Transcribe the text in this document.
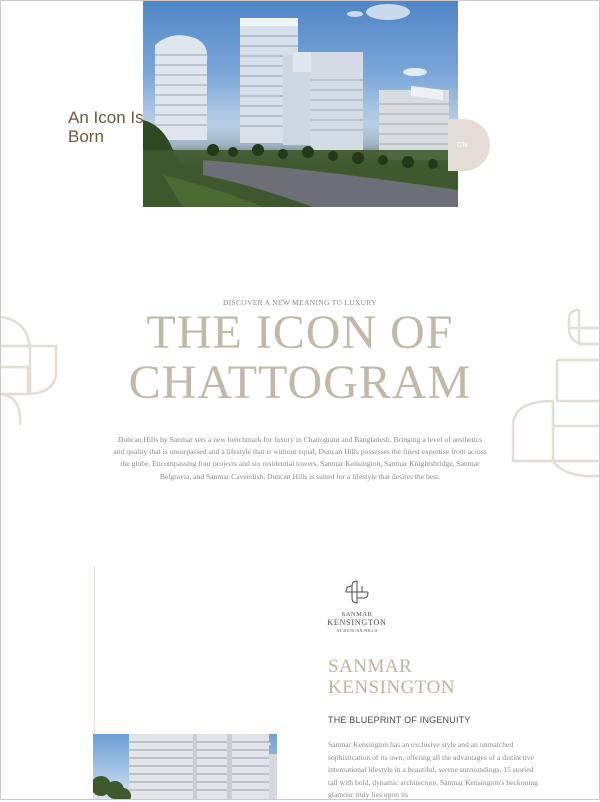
An Icon Is Born	ON
DISCOVER A NEW MEANING TO LUXURY
THE ICON OF
CHATTOGRAM
Duncan Hills by Sanmar sets a new benchmark for luxury in Chattogram and Bangladesh. Bringing a level of aesthetics and quality that is unsurpassed and a lifestyle that is without equal, Duncan Hills possesses the finest expertise from across the globe. Encompassing four projects and six residential towers, Sanmar Kensington, Sanmar Knightsbridge, Sanmar Belgravia, and Sanmar Cavendish, Duncan Hills is suited for a lifestyle that desires the best.
SANMAR
KENSINGTON
AT DUNCAN HILLS
SANMAR
KENSINGTON
THE BLUEPRINT OF INGENUITY
Sanmar Kensington has an exclusive style and an unmatched sophistication of its own, offering all the advantages of a distinctive international lifestyle in a beautiful, serene surroundings. 15 storied tall with bold, dynamic architecture, Sanmar Kensington's beckoning glamour truly lies upon its
